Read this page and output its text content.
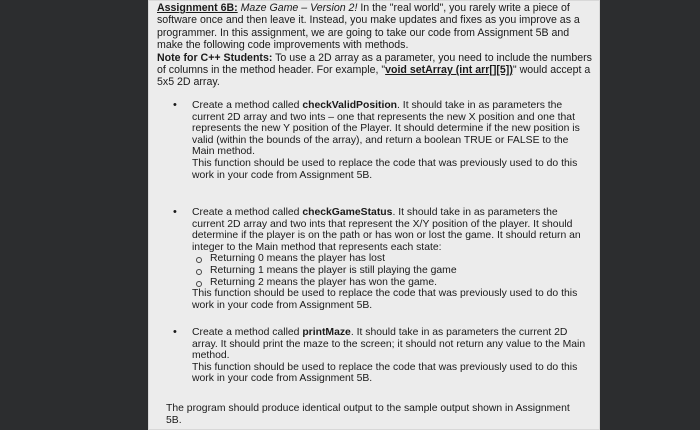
Assignment 6B: Maze Game – Version 2! In the "real world", you rarely write a piece of software once and then leave it. Instead, you make updates and fixes as you improve as a programmer. In this assignment, we are going to take our code from Assignment 5B and make the following code improvements with methods.
Note for C++ Students: To use a 2D array as a parameter, you need to include the numbers of columns in the method header. For example, "void setArray (int arr[][5])" would accept a 5x5 2D array.
•	Create a method called checkValidPosition. It should take in as parameters the current 2D array and two ints – one that represents the new X position and one that represents the new Y position of the Player. It should determine if the new position is valid (within the bounds of the array), and return a boolean TRUE or FALSE to the Main method.
This function should be used to replace the code that was previously used to do this work in your code from Assignment 5B.
•	Create a method called checkGameStatus. It should take in as parameters the current 2D array and two ints that represent the X/Y position of the player. It should determine if the player is on the path or has won or lost the game. It should return an integer to the Main method that represents each state:
Returning 0 means the player has lost
Returning 1 means the player is still playing the game
Returning 2 means the player has won the game.
This function should be used to replace the code that was previously used to do this work in your code from Assignment 5B.
•	Create a method called printMaze. It should take in as parameters the current 2D array. It should print the maze to the screen; it should not return any value to the Main method.
This function should be used to replace the code that was previously used to do this work in your code from Assignment 5B.
The program should produce identical output to the sample output shown in Assignment 5B.
